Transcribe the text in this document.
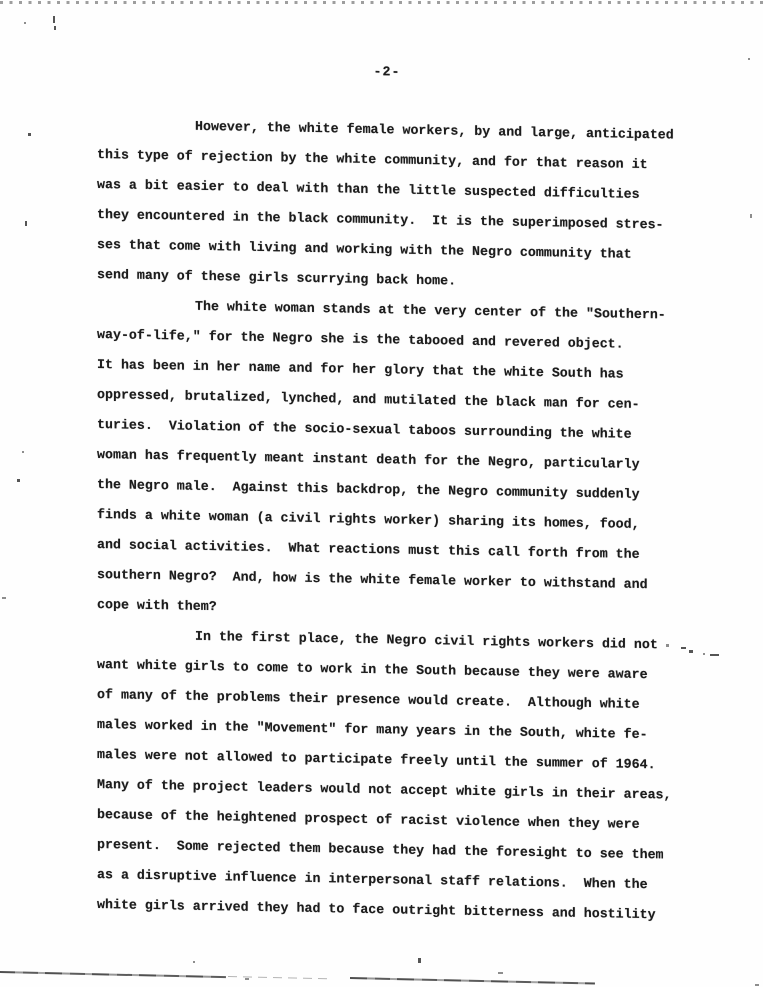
-2-
However, the white female workers, by and large, anticipated
this type of rejection by the white community, and for that reason it
was a bit easier to deal with than the little suspected difficulties
they encountered in the black community.  It is the superimposed stres-
ses that come with living and working with the Negro community that
send many of these girls scurrying back home.
The white woman stands at the very center of the "Southern-
way-of-life," for the Negro she is the tabooed and revered object.
It has been in her name and for her glory that the white South has
oppressed, brutalized, lynched, and mutilated the black man for cen-
turies.  Violation of the socio-sexual taboos surrounding the white
woman has frequently meant instant death for the Negro, particularly
the Negro male.  Against this backdrop, the Negro community suddenly
finds a white woman (a civil rights worker) sharing its homes, food,
and social activities.  What reactions must this call forth from the
southern Negro?  And, how is the white female worker to withstand and
cope with them?
In the first place, the Negro civil rights workers did not
want white girls to come to work in the South because they were aware
of many of the problems their presence would create.  Although white
males worked in the "Movement" for many years in the South, white fe-
males were not allowed to participate freely until the summer of 1964.
Many of the project leaders would not accept white girls in their areas,
because of the heightened prospect of racist violence when they were
present.  Some rejected them because they had the foresight to see them
as a disruptive influence in interpersonal staff relations.  When the
white girls arrived they had to face outright bitterness and hostility
